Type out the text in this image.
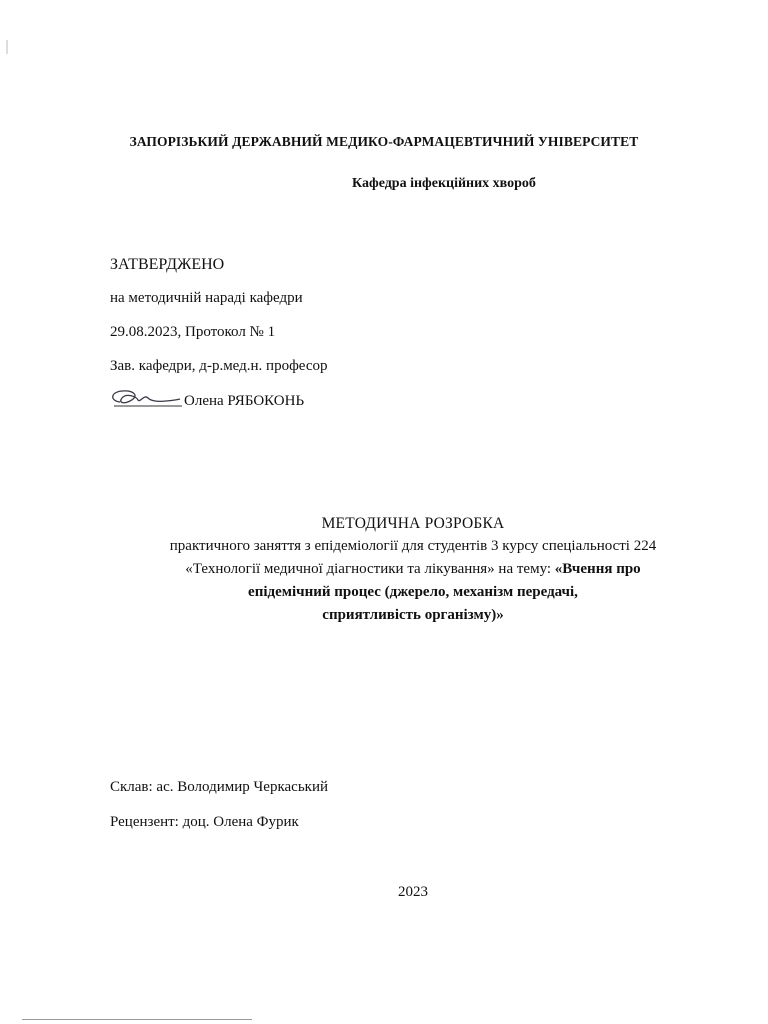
ЗАПОРІЗЬКИЙ ДЕРЖАВНИЙ МЕДИКО-ФАРМАЦЕВТИЧНИЙ УНІВЕРСИТЕТ
Кафедра інфекційних хвороб
ЗАТВЕРДЖЕНО
на методичній нараді кафедри
29.08.2023, Протокол № 1
Зав. кафедри, д-р.мед.н. професор
Олена РЯБОКОНЬ
МЕТОДИЧНА РОЗРОБКА
практичного заняття з епідеміології для студентів 3 курсу спеціальності 224
«Технології медичної діагностики та лікування» на тему: «Вчення про
епідемічний процес (джерело, механізм передачі,
сприятливість організму)»
Склав: ас. Володимир Черкаський
Рецензент: доц. Олена Фурик
2023
